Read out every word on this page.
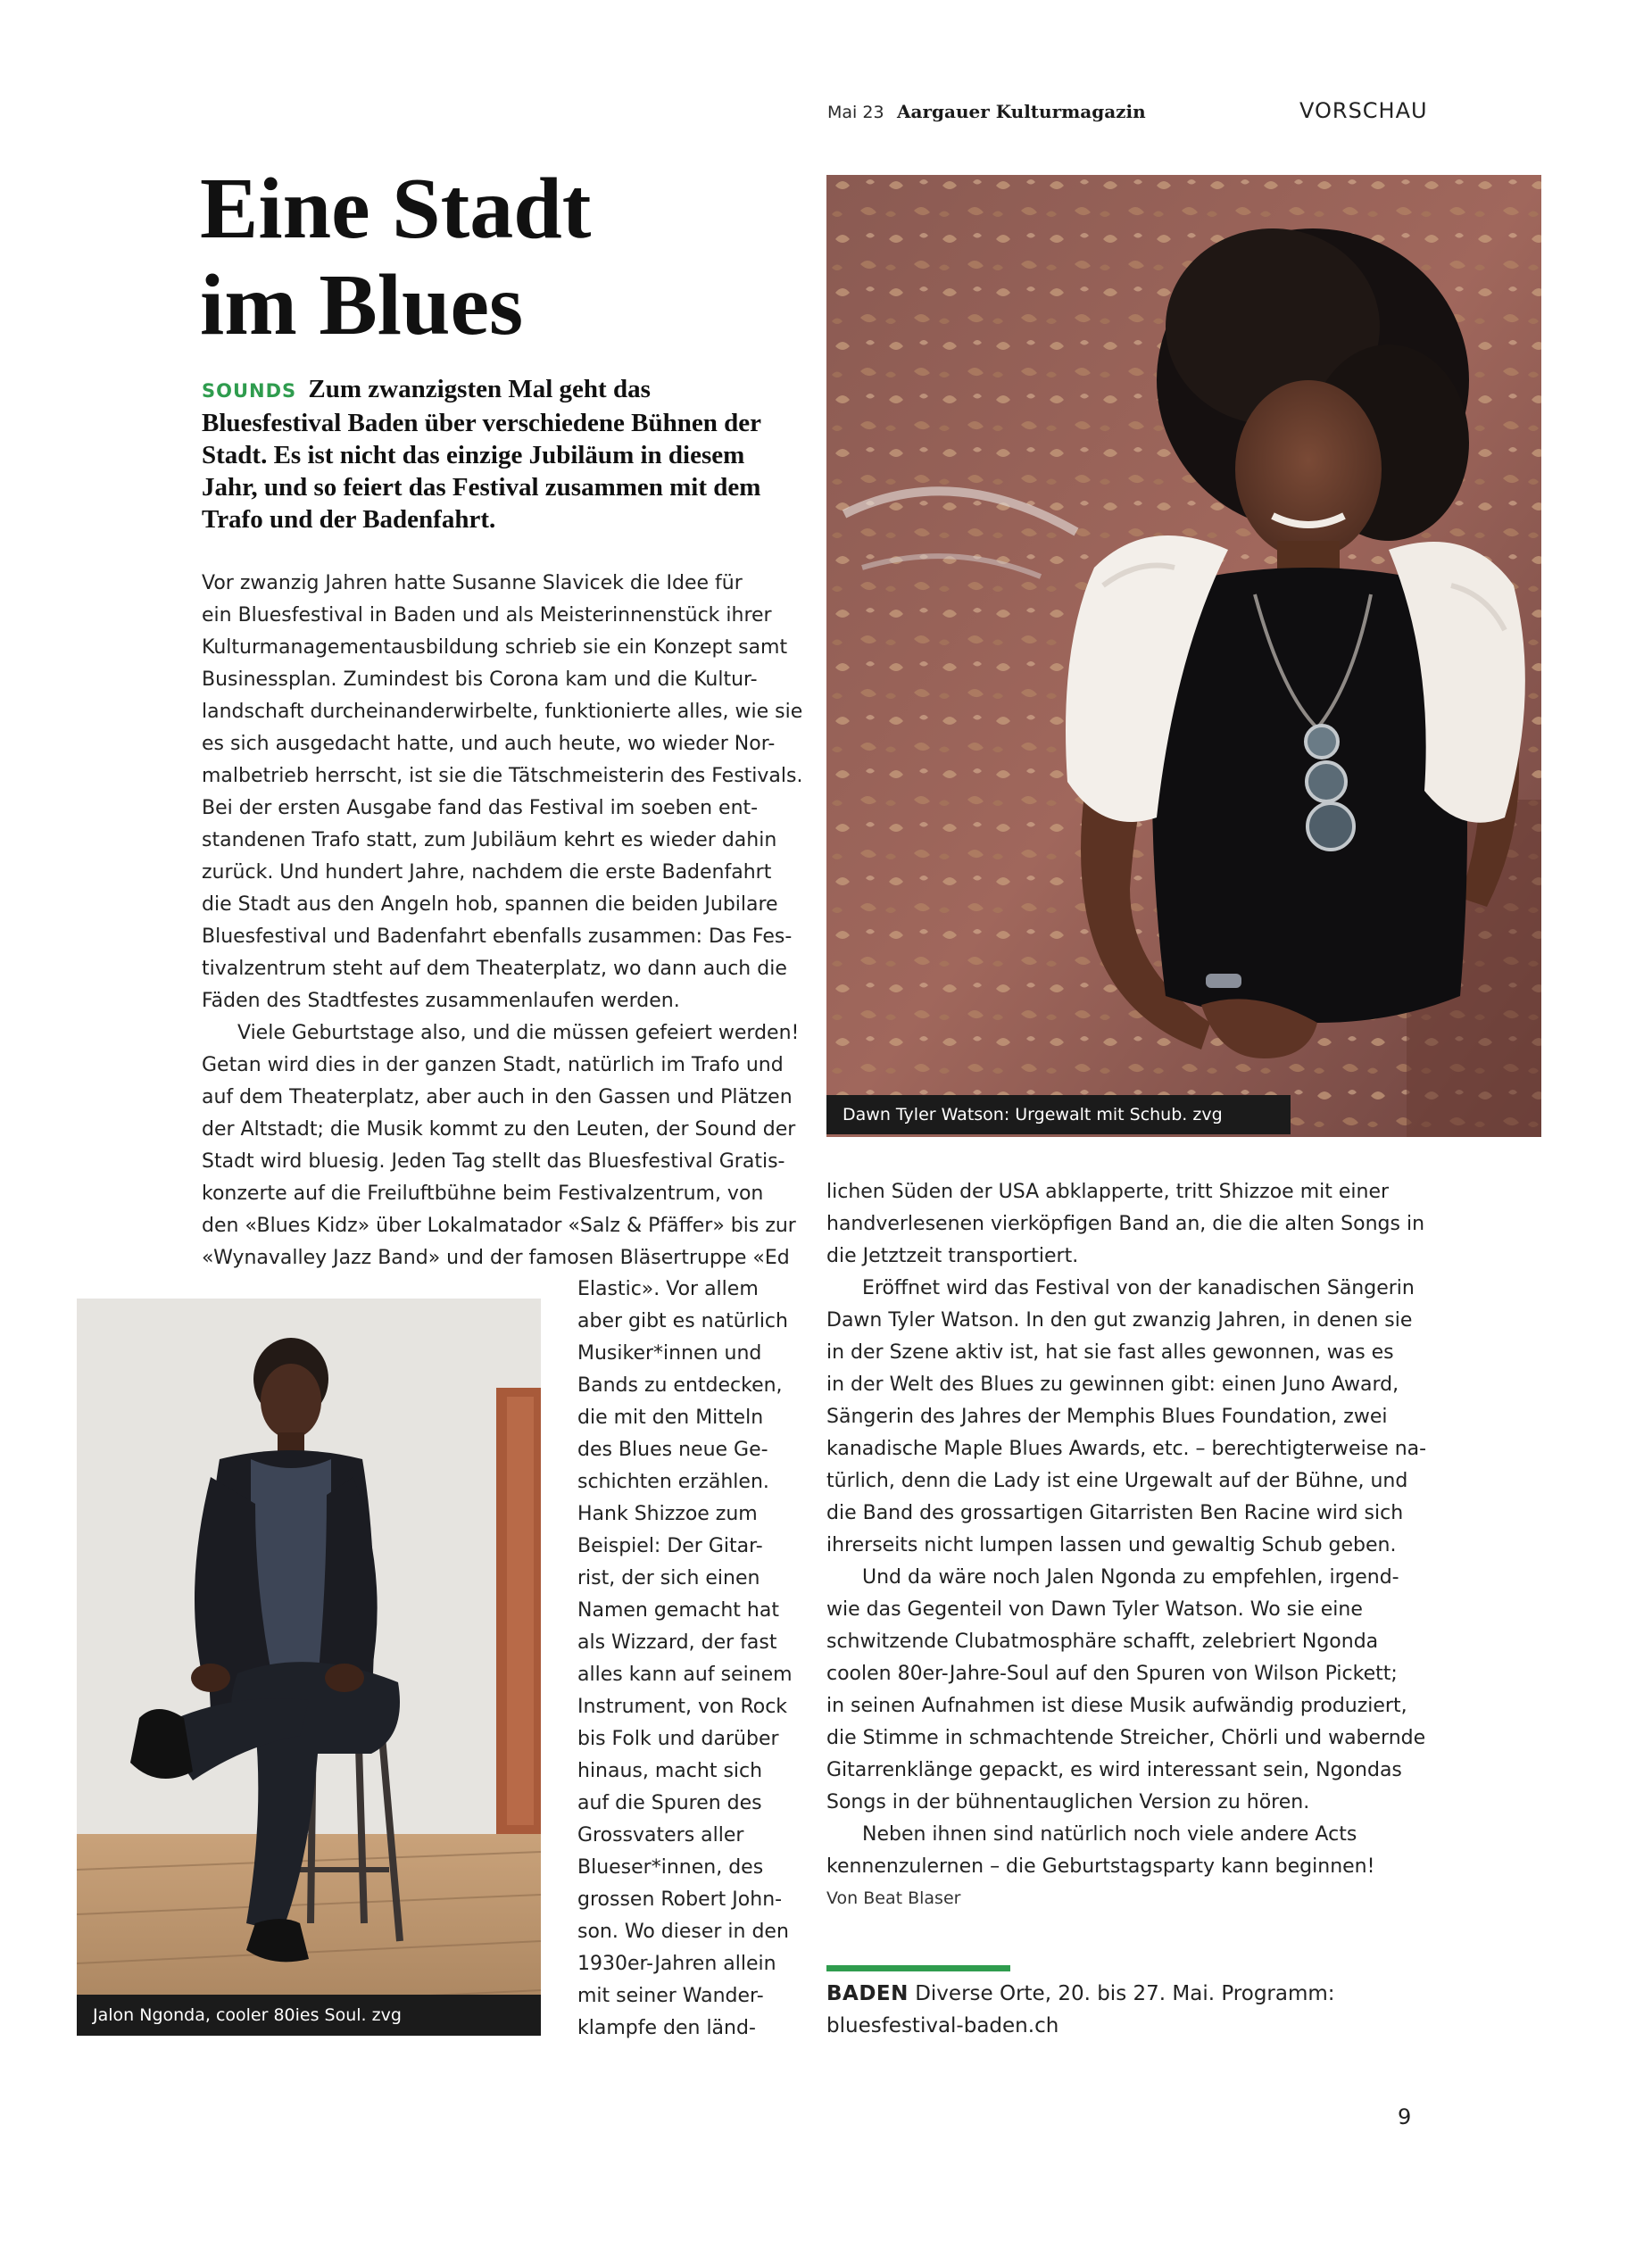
Mai 23 Aargauer Kulturmagazin	VORSCHAU
Eine Stadt
im Blues

SOUNDS Zum zwanzigsten Mal geht das Bluesfestival Baden über verschiedene Bühnen der Stadt. Es ist nicht das einzige Jubiläum in diesem Jahr, und so feiert das Festival zusammen mit dem Trafo und der Badenfahrt.

Dawn Tyler Watson: Urgewalt mit Schub. zvg
Jalon Ngonda, cooler 80ies Soul. zvg

Vor zwanzig Jahren hatte Susanne Slavicek die Idee für

ein Bluesfestival in Baden und als Meisterinnenstück ihrer

Kulturmanagementausbildung schrieb sie ein Konzept samt

Businessplan. Zumindest bis Corona kam und die Kultur-

landschaft durcheinanderwirbelte, funktionierte alles, wie sie

es sich ausgedacht hatte, und auch heute, wo wieder Nor-

malbetrieb herrscht, ist sie die Tätschmeisterin des Festivals.

Bei der ersten Ausgabe fand das Festival im soeben ent-

standenen Trafo statt, zum Jubiläum kehrt es wieder dahin

zurück. Und hundert Jahre, nachdem die erste Badenfahrt

die Stadt aus den Angeln hob, spannen die beiden Jubilare

Bluesfestival und Badenfahrt ebenfalls zusammen: Das Fes-

tivalzentrum steht auf dem Theaterplatz, wo dann auch die

Fäden des Stadtfestes zusammenlaufen werden.

Viele Geburtstage also, und die müssen gefeiert werden!

Getan wird dies in der ganzen Stadt, natürlich im Trafo und

auf dem Theaterplatz, aber auch in den Gassen und Plätzen

der Altstadt; die Musik kommt zu den Leuten, der Sound der

Stadt wird bluesig. Jeden Tag stellt das Bluesfestival Gratis-

konzerte auf die Freiluftbühne beim Festivalzentrum, von

den «Blues Kidz» über Lokalmatador «Salz & Pfäffer» bis zur

«Wynavalley Jazz Band» und der famosen Bläsertruppe «Ed

Elastic». Vor allem

aber gibt es natürlich

Musiker*innen und

Bands zu entdecken,

die mit den Mitteln

des Blues neue Ge-

schichten erzählen.

Hank Shizzoe zum

Beispiel: Der Gitar-

rist, der sich einen

Namen gemacht hat

als Wizzard, der fast

alles kann auf seinem

Instrument, von Rock

bis Folk und darüber

hinaus, macht sich

auf die Spuren des

Grossvaters aller

Blueser*innen, des

grossen Robert John-

son. Wo dieser in den

1930er-Jahren allein

mit seiner Wander-

klampfe den länd-

lichen Süden der USA abklapperte, tritt Shizzoe mit einer

handverlesenen vierköpfigen Band an, die die alten Songs in

die Jetztzeit transportiert.

Eröffnet wird das Festival von der kanadischen Sängerin

Dawn Tyler Watson. In den gut zwanzig Jahren, in denen sie

in der Szene aktiv ist, hat sie fast alles gewonnen, was es

in der Welt des Blues zu gewinnen gibt: einen Juno Award,

Sängerin des Jahres der Memphis Blues Foundation, zwei

kanadische Maple Blues Awards, etc. – berechtigterweise na-

türlich, denn die Lady ist eine Urgewalt auf der Bühne, und

die Band des grossartigen Gitarristen Ben Racine wird sich

ihrerseits nicht lumpen lassen und gewaltig Schub geben.

Und da wäre noch Jalen Ngonda zu empfehlen, irgend-

wie das Gegenteil von Dawn Tyler Watson. Wo sie eine

schwitzende Clubatmosphäre schafft, zelebriert Ngonda

coolen 80er-Jahre-Soul auf den Spuren von Wilson Pickett;

in seinen Aufnahmen ist diese Musik aufwändig produziert,

die Stimme in schmachtende Streicher, Chörli und wabernde

Gitarrenklänge gepackt, es wird interessant sein, Ngondas

Songs in der bühnentauglichen Version zu hören.

Neben ihnen sind natürlich noch viele andere Acts

kennenzulernen – die Geburtstagsparty kann beginnen!

Von Beat Blaser

BADEN Diverse Orte, 20. bis 27. Mai. Programm:

bluesfestival-baden.ch

9
